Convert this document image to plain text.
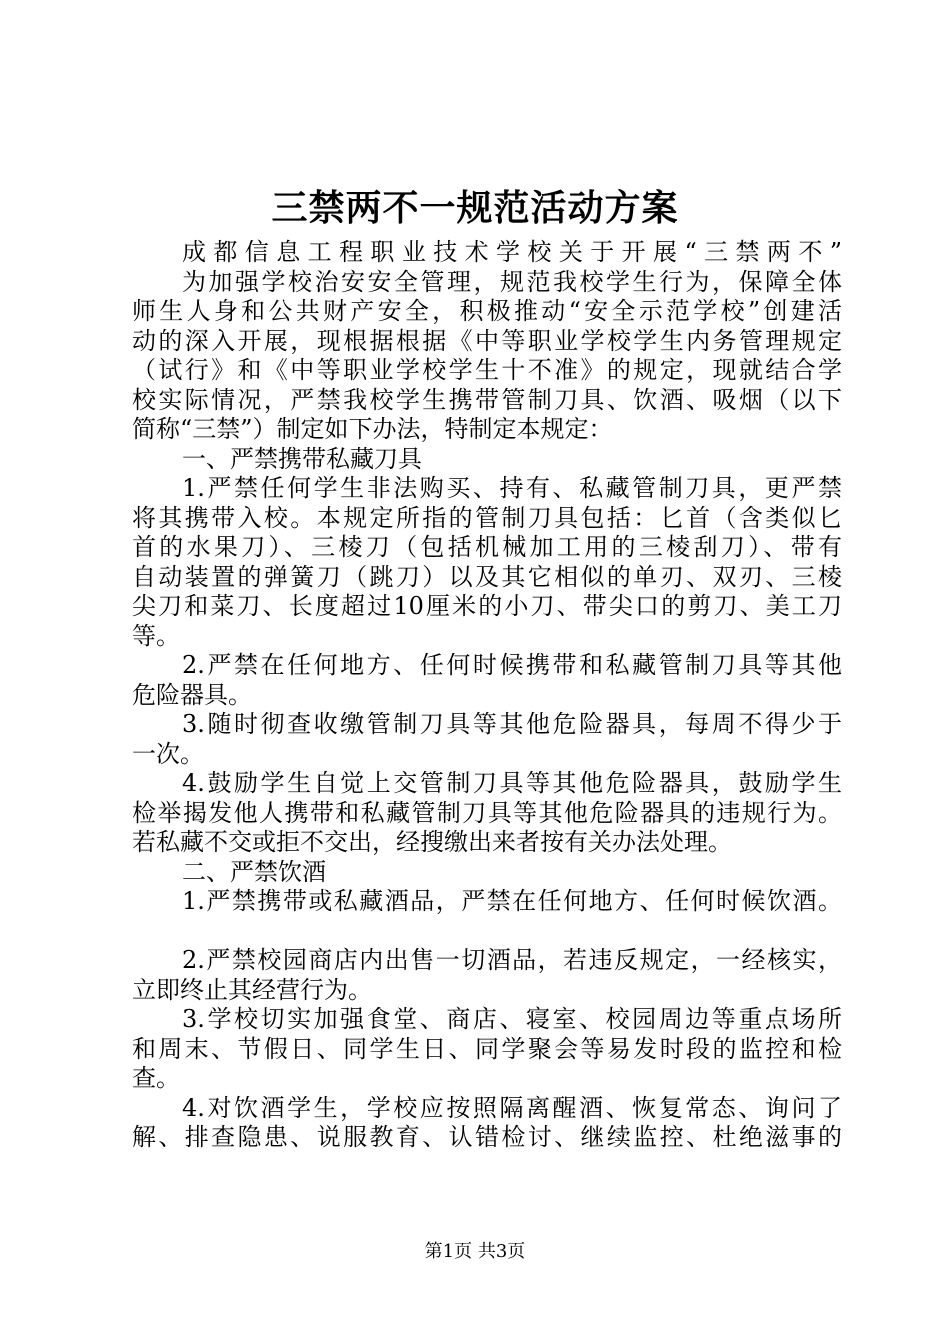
三禁两不一规范活动方案
成都信息工程职业技术学校关于开展“三禁两不”
为加强学校治安安全管理，规范我校学生行为，保障全体
师生人身和公共财产安全，积极推动“安全示范学校”创建活
动的深入开展，现根据根据《中等职业学校学生内务管理规定
（试行》和《中等职业学校学生十不准》的规定，现就结合学
校实际情况，严禁我校学生携带管制刀具、饮酒、吸烟（以下
简称“三禁”）制定如下办法，特制定本规定：
一、严禁携带私藏刀具
1.严禁任何学生非法购买、持有、私藏管制刀具，更严禁
将其携带入校。本规定所指的管制刀具包括：匕首（含类似匕
首的水果刀）、三棱刀（包括机械加工用的三棱刮刀）、带有
自动装置的弹簧刀（跳刀）以及其它相似的单刃、双刃、三棱
尖刀和菜刀、长度超过10厘米的小刀、带尖口的剪刀、美工刀
等。
2.严禁在任何地方、任何时候携带和私藏管制刀具等其他
危险器具。
3.随时彻查收缴管制刀具等其他危险器具，每周不得少于
一次。
4.鼓励学生自觉上交管制刀具等其他危险器具，鼓励学生
检举揭发他人携带和私藏管制刀具等其他危险器具的违规行为。
若私藏不交或拒不交出，经搜缴出来者按有关办法处理。
二、严禁饮酒
1.严禁携带或私藏酒品，严禁在任何地方、任何时候饮酒。
2.严禁校园商店内出售一切酒品，若违反规定，一经核实，
立即终止其经营行为。
3.学校切实加强食堂、商店、寝室、校园周边等重点场所
和周末、节假日、同学生日、同学聚会等易发时段的监控和检
查。
4.对饮酒学生，学校应按照隔离醒酒、恢复常态、询问了
解、排查隐患、说服教育、认错检讨、继续监控、杜绝滋事的
第1页 共3页
